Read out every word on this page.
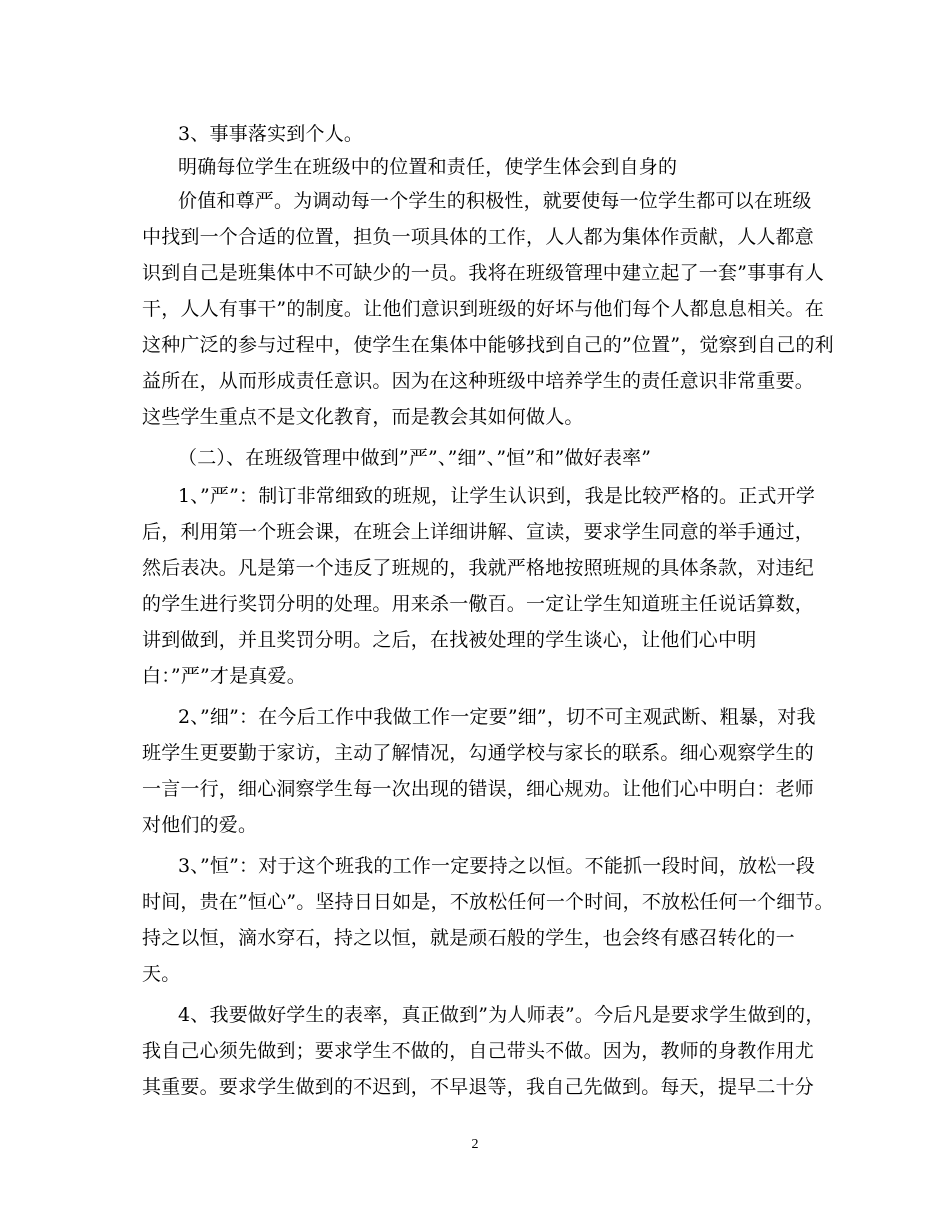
3、事事落实到个人。
明确每位学生在班级中的位置和责任，使学生体会到自身的
价值和尊严。为调动每一个学生的积极性，就要使每一位学生都可以在班级
中找到一个合适的位置，担负一项具体的工作，人人都为集体作贡献，人人都意
识到自己是班集体中不可缺少的一员。我将在班级管理中建立起了一套”事事有人
干，人人有事干”的制度。让他们意识到班级的好坏与他们每个人都息息相关。在
这种广泛的参与过程中，使学生在集体中能够找到自己的”位置”，觉察到自己的利
益所在，从而形成责任意识。因为在这种班级中培养学生的责任意识非常重要。
这些学生重点不是文化教育，而是教会其如何做人。
（二）、在班级管理中做到”严”、”细”、”恒”和”做好表率”
1、”严”：制订非常细致的班规，让学生认识到，我是比较严格的。正式开学
后，利用第一个班会课，在班会上详细讲解、宣读，要求学生同意的举手通过，
然后表决。凡是第一个违反了班规的，我就严格地按照班规的具体条款，对违纪
的学生进行奖罚分明的处理。用来杀一儆百。一定让学生知道班主任说话算数，
讲到做到，并且奖罚分明。之后，在找被处理的学生谈心，让他们心中明
白：”严”才是真爱。
2、”细”：在今后工作中我做工作一定要”细”，切不可主观武断、粗暴，对我
班学生更要勤于家访，主动了解情况，勾通学校与家长的联系。细心观察学生的
一言一行，细心洞察学生每一次出现的错误，细心规劝。让他们心中明白：老师
对他们的爱。
3、”恒”：对于这个班我的工作一定要持之以恒。不能抓一段时间，放松一段
时间，贵在”恒心”。坚持日日如是，不放松任何一个时间，不放松任何一个细节。
持之以恒，滴水穿石，持之以恒，就是顽石般的学生，也会终有感召转化的一
天。
4、我要做好学生的表率，真正做到”为人师表”。今后凡是要求学生做到的，
我自己心须先做到；要求学生不做的，自己带头不做。因为，教师的身教作用尤
其重要。要求学生做到的不迟到，不早退等，我自己先做到。每天，提早二十分
2
